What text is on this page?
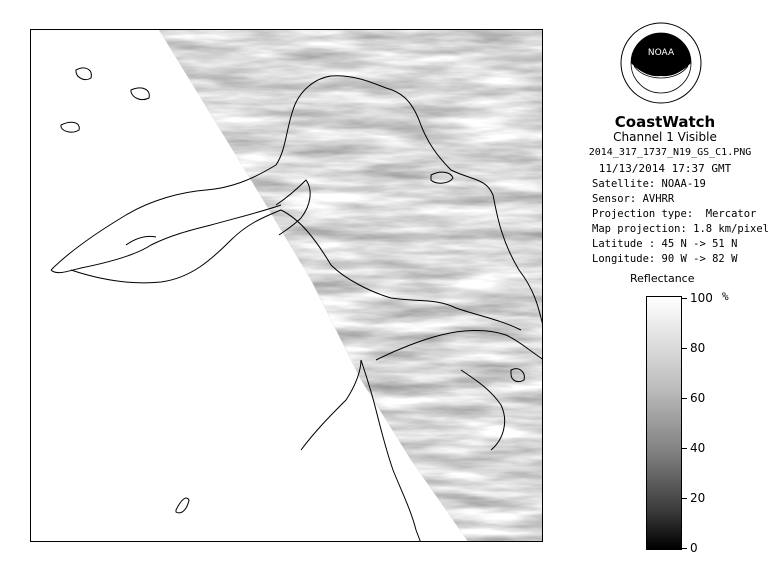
NOAA
CoastWatch
Channel 1 Visible
2014_317_1737_N19_GS_C1.PNG
11/13/2014 17:37 GMT
Satellite: NOAA-19
Sensor: AVHRR
Projection type:  Mercator
Map projection: 1.8 km/pixel
Latitude : 45 N -> 51 N
Longitude: 90 W -> 82 W
Reflectance
%
100
80
60
40
20
0
